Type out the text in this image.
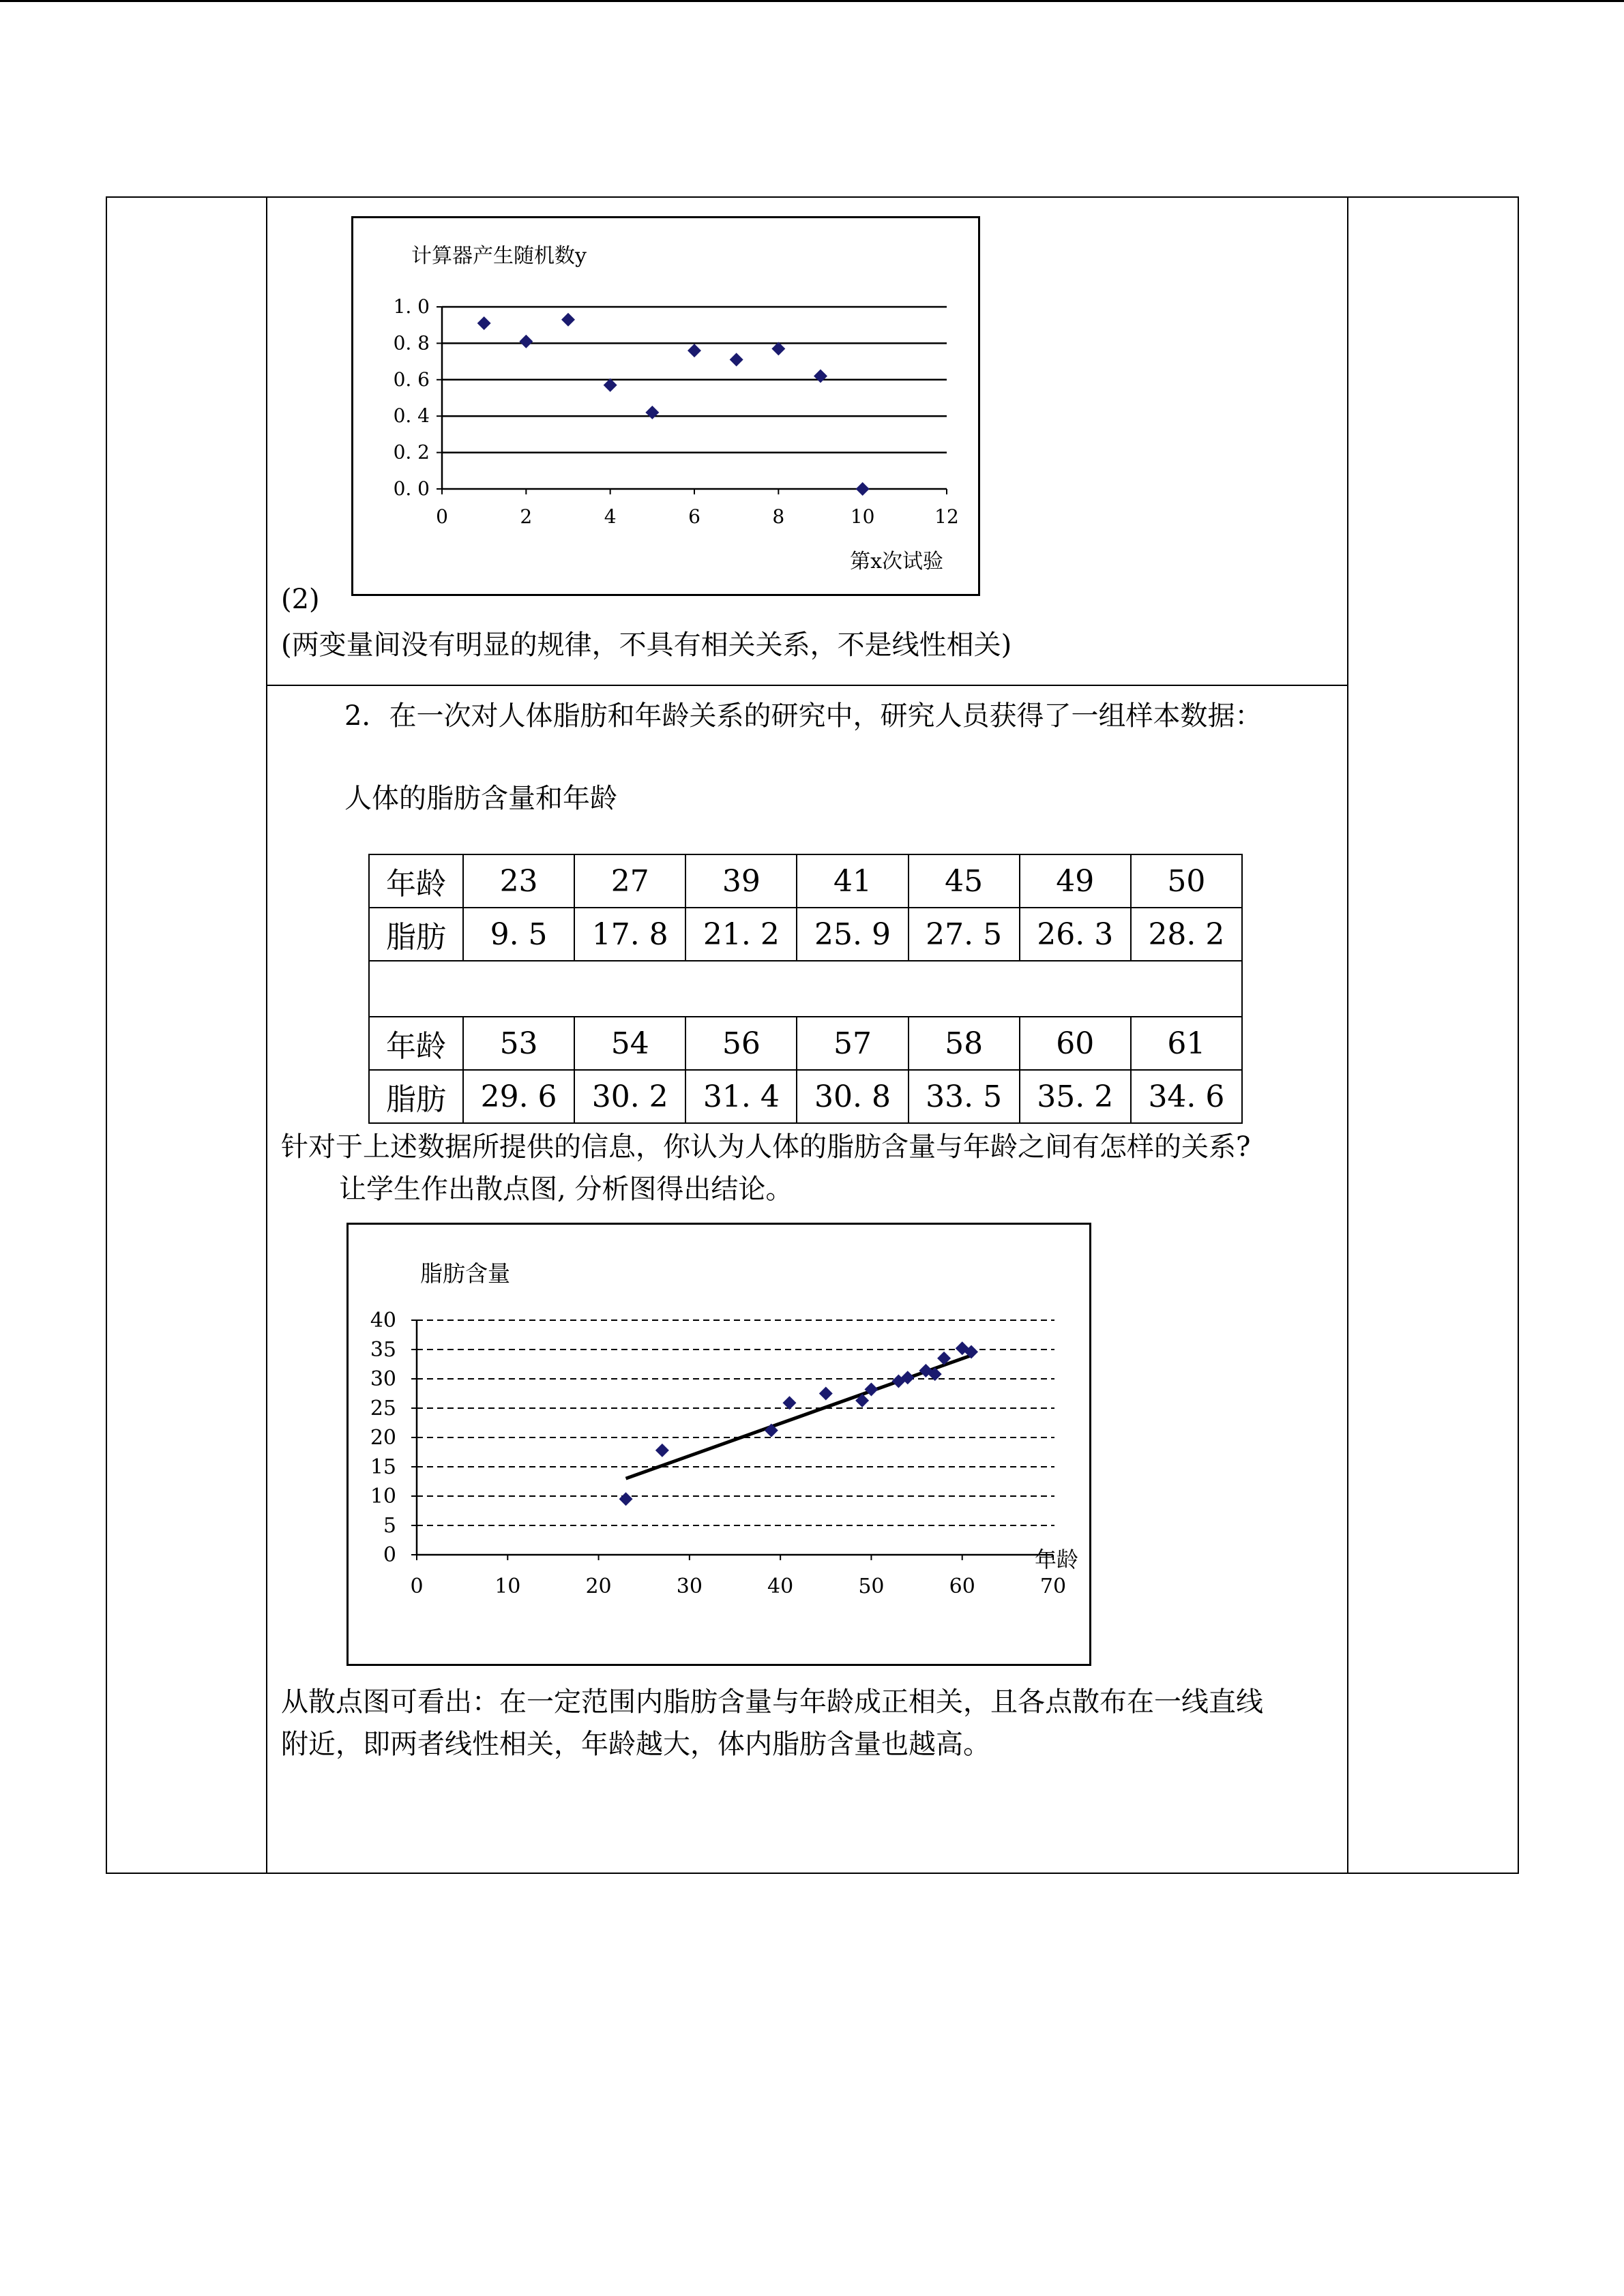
0. 0
0. 2
0. 4
0. 6
0. 8
1. 0
0	2	4	6	8	10	12
计算器产生随机数y
第x次试验
(2)
(两变量间没有明显的规律，不具有相关关系，不是线性相关)
2．在一次对人体脂肪和年龄关系的研究中，研究人员获得了一组样本数据：
人体的脂肪含量和年龄
年龄	23	27	39	41	45	49	50
脂肪	9. 5	17. 8	21. 2	25. 9	27. 5	26. 3	28. 2

年龄	53	54	56	57	58	60	61
脂肪	29. 6	30. 2	31. 4	30. 8	33. 5	35. 2	34. 6
针对于上述数据所提供的信息，你认为人体的脂肪含量与年龄之间有怎样的关系?
让学生作出散点图, 分析图得出结论。
0
5
10
15
20
25
30
35
40
0	10	20	30	40	50	60	70
脂肪含量
年龄
从散点图可看出：在一定范围内脂肪含量与年龄成正相关，且各点散布在一线直线
附近，即两者线性相关，年龄越大，体内脂肪含量也越高。
